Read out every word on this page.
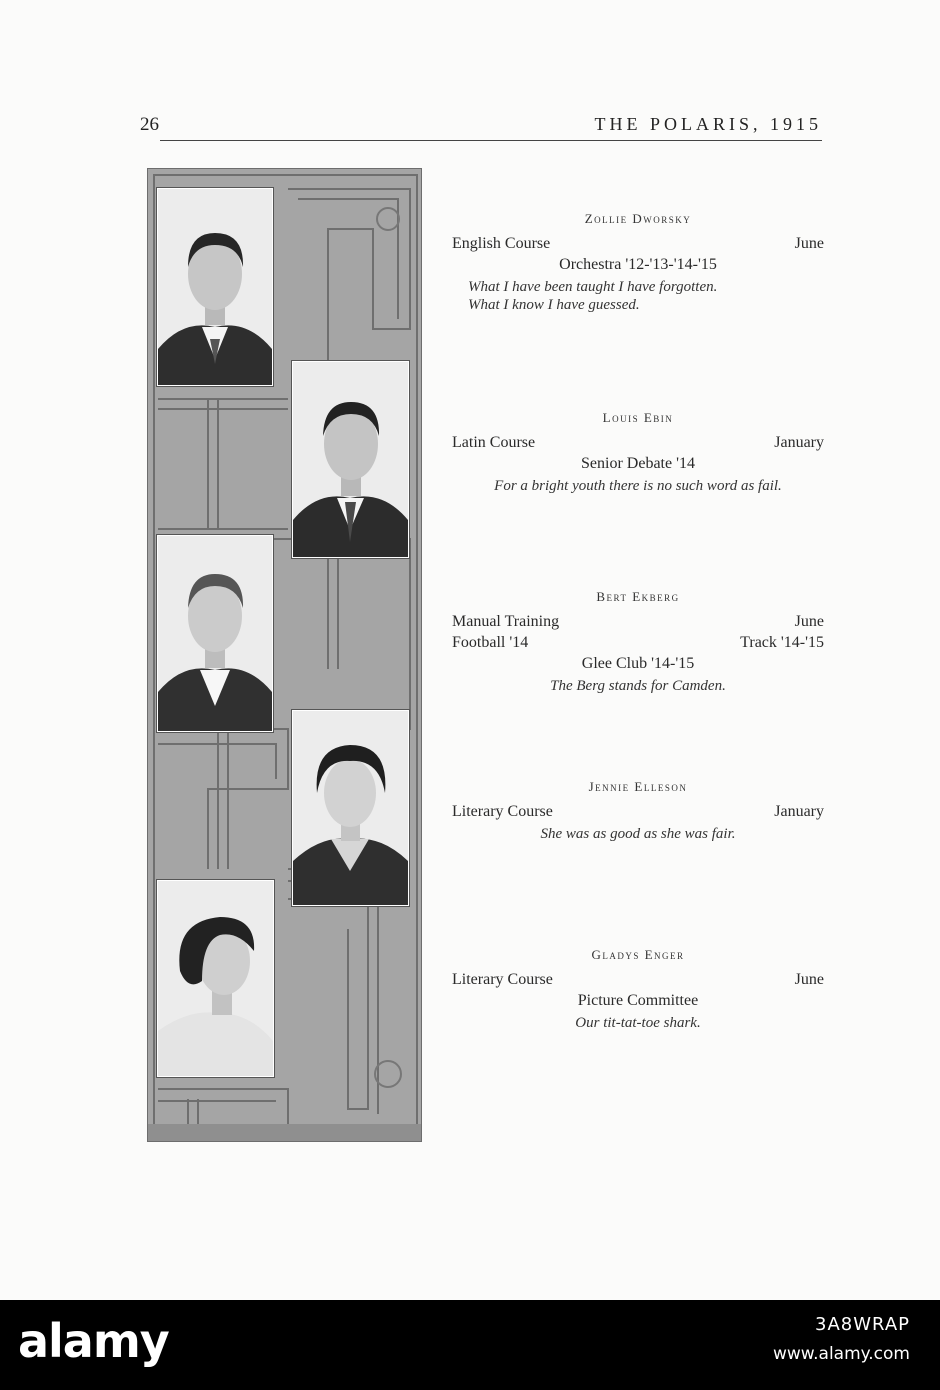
26	THE POLARIS, 1915
Zollie Dworsky
English Course	June
Orchestra '12-'13-'14-'15
What I have been taught I have forgotten.
What I know I have guessed.
Louis Ebin
Latin Course	January
Senior Debate '14
For a bright youth there is no such word as fail.
Bert Ekberg
Manual Training	June
Football '14	Track '14-'15
Glee Club '14-'15
The Berg stands for Camden.
Jennie Elleson
Literary Course	January
She was as good as she was fair.
Gladys Enger
Literary Course	June
Picture Committee
Our tit-tat-toe shark.
alamy	3A8WRAP
www.alamy.com
